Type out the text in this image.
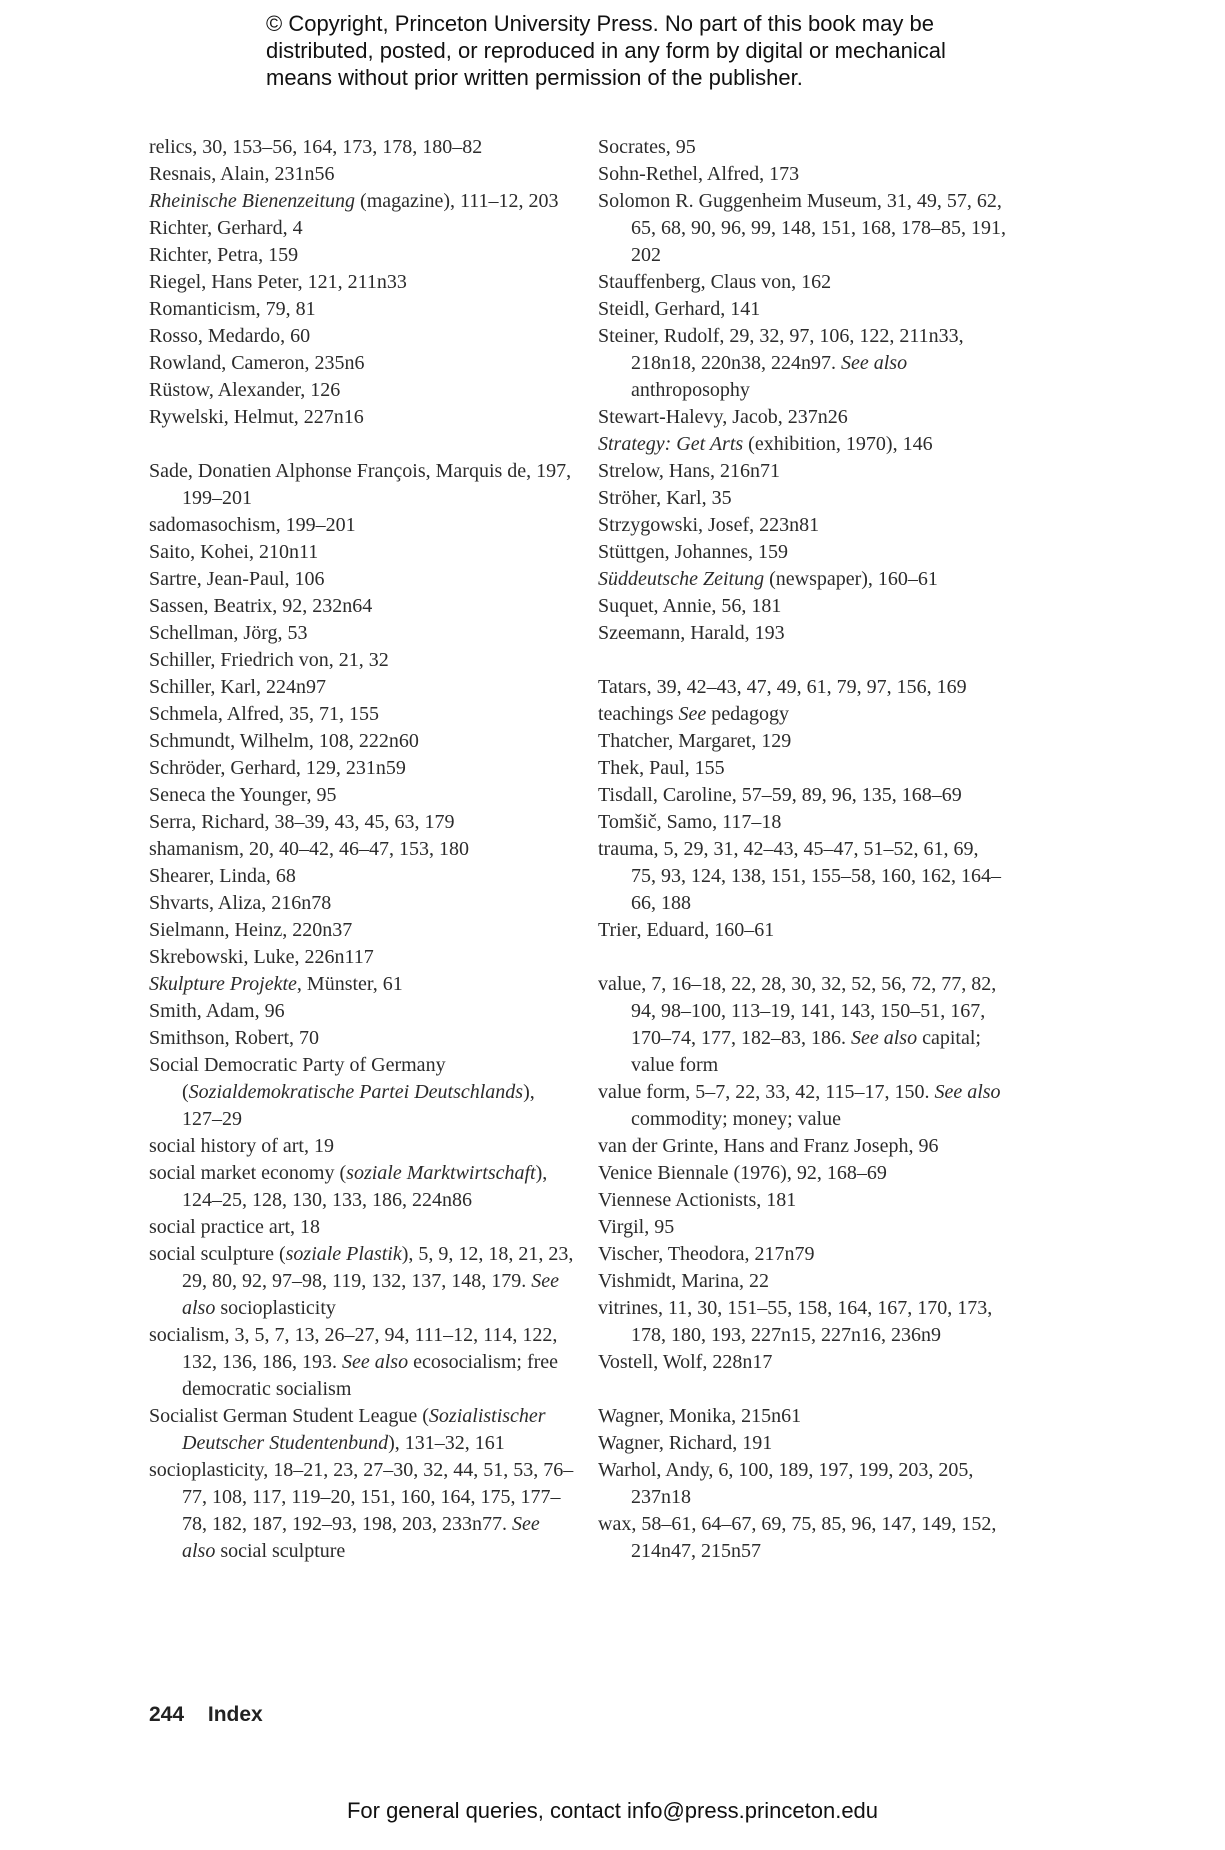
© Copyright, Princeton University Press. No part of this book may be

distributed, posted, or reproduced in any form by digital or mechanical

means without prior written permission of the publisher.

relics, 30, 153–56, 164, 173, 178, 180–82

Resnais, Alain, 231n56

Rheinische Bienenzeitung (magazine), 111–12, 203

Richter, Gerhard, 4

Richter, Petra, 159

Riegel, Hans Peter, 121, 211n33

Romanticism, 79, 81

Rosso, Medardo, 60

Rowland, Cameron, 235n6

Rüstow, Alexander, 126

Rywelski, Helmut, 227n16

Sade, Donatien Alphonse François, Marquis de, 197, 199–201

sadomasochism, 199–201

Saito, Kohei, 210n11

Sartre, Jean-Paul, 106

Sassen, Beatrix, 92, 232n64

Schellman, Jörg, 53

Schiller, Friedrich von, 21, 32

Schiller, Karl, 224n97

Schmela, Alfred, 35, 71, 155

Schmundt, Wilhelm, 108, 222n60

Schröder, Gerhard, 129, 231n59

Seneca the Younger, 95

Serra, Richard, 38–39, 43, 45, 63, 179

shamanism, 20, 40–42, 46–47, 153, 180

Shearer, Linda, 68

Shvarts, Aliza, 216n78

Sielmann, Heinz, 220n37

Skrebowski, Luke, 226n117

Skulpture Projekte, Münster, 61

Smith, Adam, 96

Smithson, Robert, 70

Social Democratic Party of Germany (Sozialdemokratische Partei Deutschlands), 127–29

social history of art, 19

social market economy (soziale Marktwirtschaft), 124–25, 128, 130, 133, 186, 224n86

social practice art, 18

social sculpture (soziale Plastik), 5, 9, 12, 18, 21, 23, 29, 80, 92, 97–98, 119, 132, 137, 148, 179. See also socioplasticity

socialism, 3, 5, 7, 13, 26–27, 94, 111–12, 114, 122, 132, 136, 186, 193. See also ecosocialism; free democratic socialism

Socialist German Student League (Sozialistischer Deutscher Studentenbund), 131–32, 161

socioplasticity, 18–21, 23, 27–30, 32, 44, 51, 53, 76–77, 108, 117, 119–20, 151, 160, 164, 175, 177–78, 182, 187, 192–93, 198, 203, 233n77. See also social sculpture

Socrates, 95

Sohn-Rethel, Alfred, 173

Solomon R. Guggenheim Museum, 31, 49, 57, 62, 65, 68, 90, 96, 99, 148, 151, 168, 178–85, 191, 202

Stauffenberg, Claus von, 162

Steidl, Gerhard, 141

Steiner, Rudolf, 29, 32, 97, 106, 122, 211n33, 218n18, 220n38, 224n97. See also anthroposophy

Stewart-Halevy, Jacob, 237n26

Strategy: Get Arts (exhibition, 1970), 146

Strelow, Hans, 216n71

Ströher, Karl, 35

Strzygowski, Josef, 223n81

Stüttgen, Johannes, 159

Süddeutsche Zeitung (newspaper), 160–61

Suquet, Annie, 56, 181

Szeemann, Harald, 193

Tatars, 39, 42–43, 47, 49, 61, 79, 97, 156, 169

teachings See pedagogy

Thatcher, Margaret, 129

Thek, Paul, 155

Tisdall, Caroline, 57–59, 89, 96, 135, 168–69

Tomšič, Samo, 117–18

trauma, 5, 29, 31, 42–43, 45–47, 51–52, 61, 69, 75, 93, 124, 138, 151, 155–58, 160, 162, 164–66, 188

Trier, Eduard, 160–61

value, 7, 16–18, 22, 28, 30, 32, 52, 56, 72, 77, 82, 94, 98–100, 113–19, 141, 143, 150–51, 167, 170–74, 177, 182–83, 186. See also capital; value form

value form, 5–7, 22, 33, 42, 115–17, 150. See also commodity; money; value

van der Grinte, Hans and Franz Joseph, 96

Venice Biennale (1976), 92, 168–69

Viennese Actionists, 181

Virgil, 95

Vischer, Theodora, 217n79

Vishmidt, Marina, 22

vitrines, 11, 30, 151–55, 158, 164, 167, 170, 173, 178, 180, 193, 227n15, 227n16, 236n9

Vostell, Wolf, 228n17

Wagner, Monika, 215n61

Wagner, Richard, 191

Warhol, Andy, 6, 100, 189, 197, 199, 203, 205, 237n18

wax, 58–61, 64–67, 69, 75, 85, 96, 147, 149, 152, 214n47, 215n57

244 Index
For general queries, contact info@press.princeton.edu
